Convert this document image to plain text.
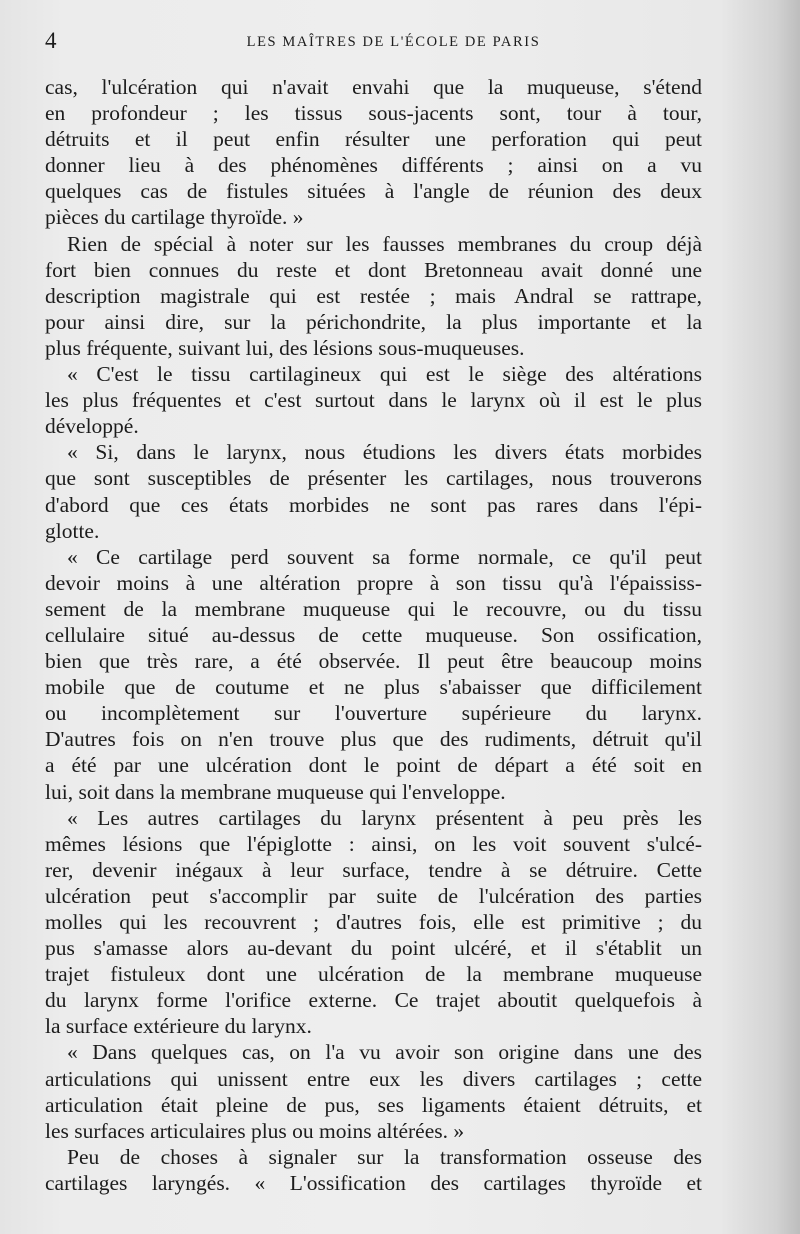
4	LES MAÎTRES DE L'ÉCOLE DE PARIS
cas, l'ulcération qui n'avait envahi que la muqueuse, s'étend
en profondeur ; les tissus sous-jacents sont, tour à tour,
détruits et il peut enfin résulter une perforation qui peut
donner lieu à des phénomènes différents ; ainsi on a vu
quelques cas de fistules situées à l'angle de réunion des deux
pièces du cartilage thyroïde. »
Rien de spécial à noter sur les fausses membranes du croup déjà
fort bien connues du reste et dont Bretonneau avait donné une
description magistrale qui est restée ; mais Andral se rattrape,
pour ainsi dire, sur la périchondrite, la plus importante et la
plus fréquente, suivant lui, des lésions sous-muqueuses.
« C'est le tissu cartilagineux qui est le siège des altérations
les plus fréquentes et c'est surtout dans le larynx où il est le plus
développé.
« Si, dans le larynx, nous étudions les divers états morbides
que sont susceptibles de présenter les cartilages, nous trouverons
d'abord que ces états morbides ne sont pas rares dans l'épi-
glotte.
« Ce cartilage perd souvent sa forme normale, ce qu'il peut
devoir moins à une altération propre à son tissu qu'à l'épaississ-
sement de la membrane muqueuse qui le recouvre, ou du tissu
cellulaire situé au-dessus de cette muqueuse. Son ossification,
bien que très rare, a été observée. Il peut être beaucoup moins
mobile que de coutume et ne plus s'abaisser que difficilement
ou incomplètement sur l'ouverture supérieure du larynx.
D'autres fois on n'en trouve plus que des rudiments, détruit qu'il
a été par une ulcération dont le point de départ a été soit en
lui, soit dans la membrane muqueuse qui l'enveloppe.
« Les autres cartilages du larynx présentent à peu près les
mêmes lésions que l'épiglotte : ainsi, on les voit souvent s'ulcé-
rer, devenir inégaux à leur surface, tendre à se détruire. Cette
ulcération peut s'accomplir par suite de l'ulcération des parties
molles qui les recouvrent ; d'autres fois, elle est primitive ; du
pus s'amasse alors au-devant du point ulcéré, et il s'établit un
trajet fistuleux dont une ulcération de la membrane muqueuse
du larynx forme l'orifice externe. Ce trajet aboutit quelquefois à
la surface extérieure du larynx.
« Dans quelques cas, on l'a vu avoir son origine dans une des
articulations qui unissent entre eux les divers cartilages ; cette
articulation était pleine de pus, ses ligaments étaient détruits, et
les surfaces articulaires plus ou moins altérées. »
Peu de choses à signaler sur la transformation osseuse des
cartilages laryngés. « L'ossification des cartilages thyroïde et
